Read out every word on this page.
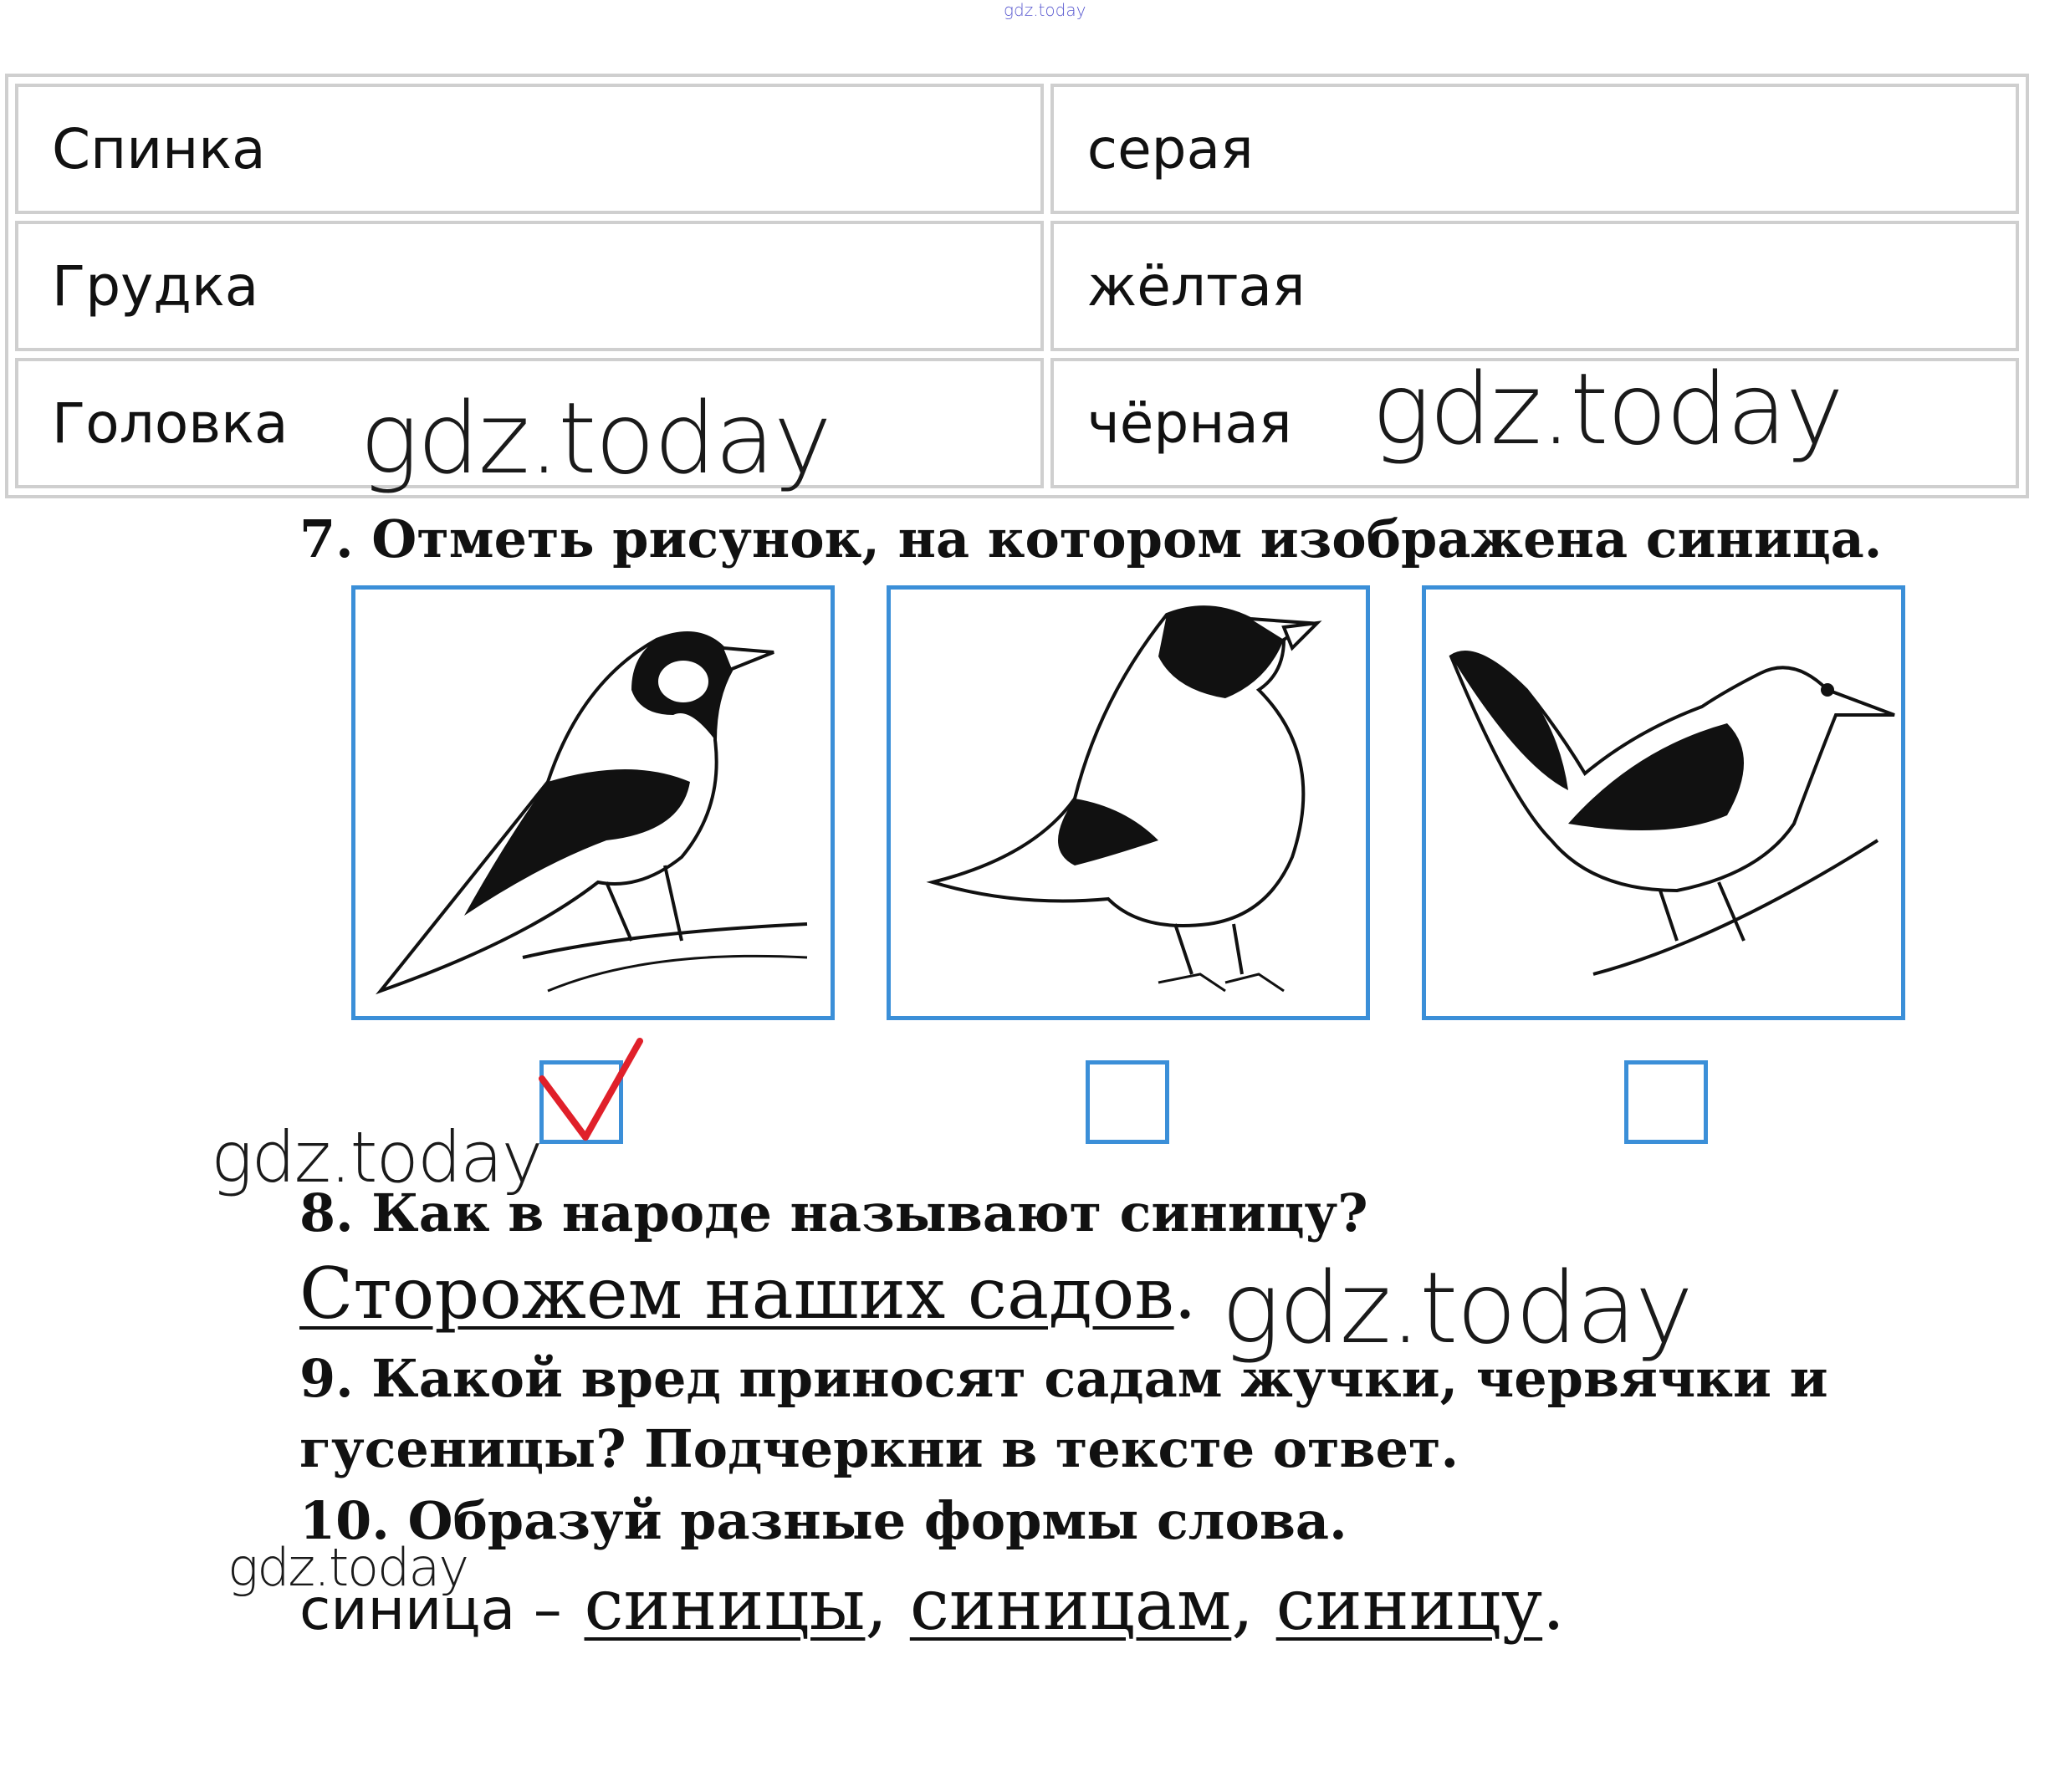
gdz.today
Спинка	серая
Грудка	жёлтая
Головка	чёрная
gdz.today	gdz.today
7. Отметь рисунок, на котором изображена синица.
gdz.today
8. Как в народе называют синицу?
Сторожем наших садов. gdz.today
9. Какой вред приносят садам жучки, червячки и
гусеницы? Подчеркни в тексте ответ.
10. Образуй разные формы слова.
gdz.today
синица – синицы, синицам, синицу.
